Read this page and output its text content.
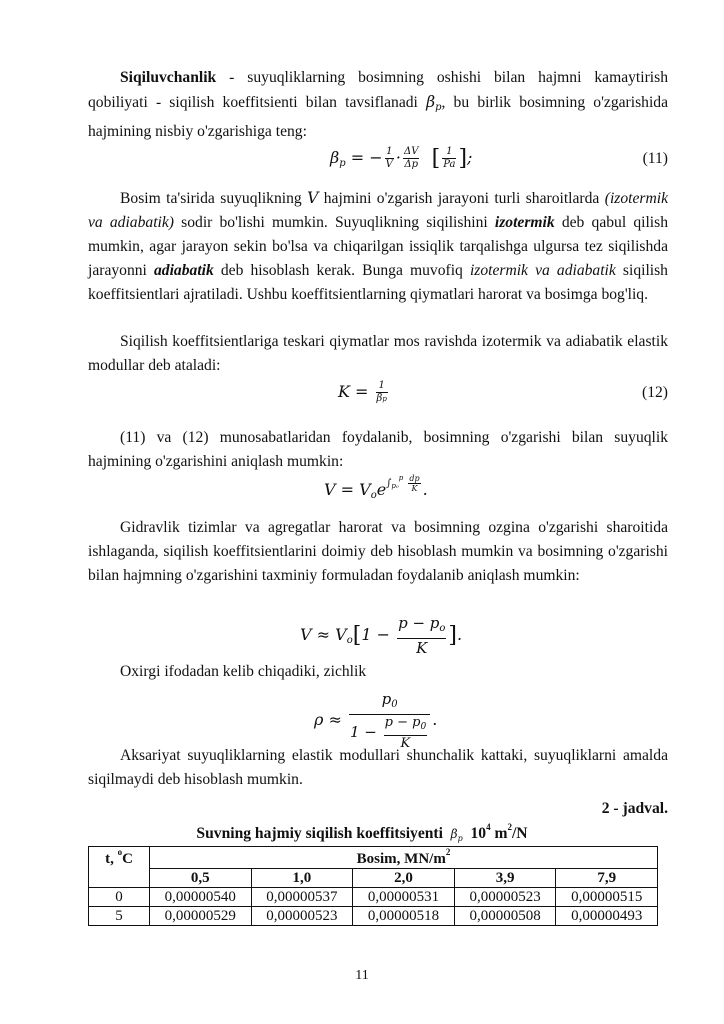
Siqiluvchanlik - suyuqliklarning bosimning oshishi bilan hajmni kamaytirish qobiliyati - siqilish koeffitsienti bilan tavsiflanadi $\beta_p$, bu birlik bosimning o'zgarishida hajmining nisbiy o'zgarishiga teng:
$\beta_p$ = − $\frac{1}{V} \cdot \frac{\Delta V}{\Delta p}$ [ $\frac{1}{Pa}$ ];	(11)
Bosim ta'sirida suyuqlikning V hajmini o'zgarish jarayoni turli sharoitlarda (izotermik va adiabatik) sodir bo'lishi mumkin. Suyuqlikning siqilishini izotermik deb qabul qilish mumkin, agar jarayon sekin bo'lsa va chiqarilgan issiqlik tarqalishga ulgursa tez siqilishda jarayonni adiabatik deb hisoblash kerak. Bunga muvofiq izotermik va adiabatik siqilish koeffitsientlari ajratiladi. Ushbu koeffitsientlarning qiymatlari harorat va bosimga bog'liq.
Siqilish koeffitsientlariga teskari qiymatlar mos ravishda izotermik va adiabatik elastik modullar deb ataladi:
$K = \frac{1}{\beta p}$	(12)
(11) va (12) munosabatlaridan foydalanib, bosimning o'zgarishi bilan suyuqlik hajmining o'zgarishini aniqlash mumkin:
$V = V_oe^{\int_{p_0}^p \frac{dp}{K}}$ .
Gidravlik tizimlar va agregatlar harorat va bosimning ozgina o'zgarishi sharoitida ishlaganda, siqilish koeffitsientlarini doimiy deb hisoblash mumkin va bosimning o'zgarishi bilan hajmning o'zgarishini taxminiy formuladan foydalanib aniqlash mumkin:
$V \approx V_o[1 - \frac{p - p_o}{K}$ ].
Oxirgi ifodadan kelib chiqadiki, zichlik
$\rho \approx \frac{p_0}{1 - \frac{p - p_0}{K}}$ .
Aksariyat suyuqliklarning elastik modullari shunchalik kattaki, suyuqliklarni amalda siqilmaydi deb hisoblash mumkin.
2 - jadval.
Suvning hajmiy siqilish koeffitsiyenti  $\beta_p$ $10^4$ $m^2/N$
t, $^o$C	Bosim, $MN/m^2$
	0,5	1,0	2,0	3,9	7,9
0	0,00000540	0,00000537	0,00000531	0,00000523	0,00000515
5	0,00000529	0,00000523	0,00000518	0,00000508	0,00000493
11
